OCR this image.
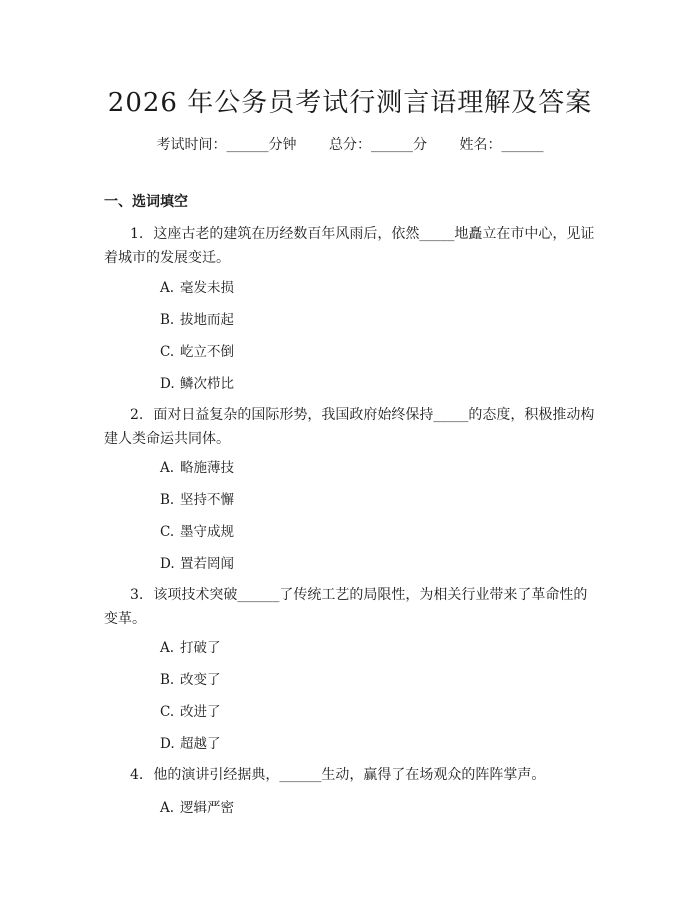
2026 年公务员考试行测言语理解及答案
考试时间：______分钟 总分：______分 姓名：______
一、选词填空
1. 这座古老的建筑在历经数百年风雨后，依然_____地矗立在市中心，见证着城市的发展变迁。
A. 毫发未损
B. 拔地而起
C. 屹立不倒
D. 鳞次栉比
2. 面对日益复杂的国际形势，我国政府始终保持_____的态度，积极推动构建人类命运共同体。
A. 略施薄技
B. 坚持不懈
C. 墨守成规
D. 置若罔闻
3. 该项技术突破______了传统工艺的局限性，为相关行业带来了革命性的变革。
A. 打破了
B. 改变了
C. 改进了
D. 超越了
4. 他的演讲引经据典，______生动，赢得了在场观众的阵阵掌声。
A. 逻辑严密
